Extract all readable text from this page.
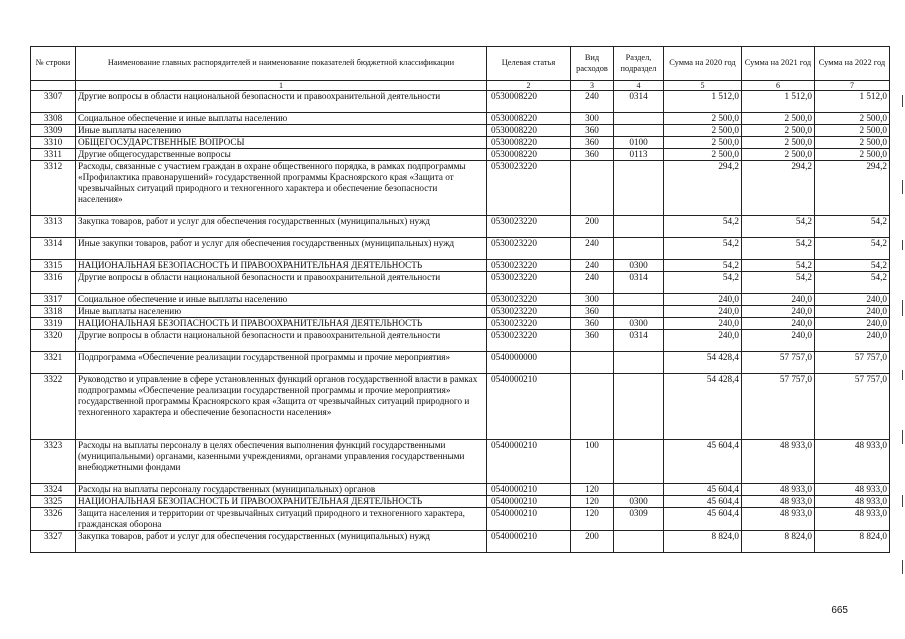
№ строки	Наименование главных распорядителей и наименование показателей бюджетной классификации	Целевая статья	Вид расходов	Раздел, подраздел	Сумма на 2020 год	Сумма на 2021 год	Сумма на 2022 год
	1	2	3	4	5	6	7
3307	Другие вопросы в области национальной безопасности и правоохранительной деятельности	0530008220	240	0314	1 512,0	1 512,0	1 512,0
3308	Социальное обеспечение и иные выплаты населению	0530008220	300		2 500,0	2 500,0	2 500,0
3309	Иные выплаты населению	0530008220	360		2 500,0	2 500,0	2 500,0
3310	ОБЩЕГОСУДАРСТВЕННЫЕ ВОПРОСЫ	0530008220	360	0100	2 500,0	2 500,0	2 500,0
3311	Другие общегосударственные вопросы	0530008220	360	0113	2 500,0	2 500,0	2 500,0
3312	Расходы, связанные с участием граждан в охране общественного порядка, в рамках подпрограммы «Профилактика правонарушений» государственной программы Красноярского края «Защита от чрезвычайных ситуаций природного и техногенного характера и обеспечение безопасности населения»	0530023220			294,2	294,2	294,2
3313	Закупка товаров, работ и услуг для обеспечения государственных (муниципальных) нужд	0530023220	200		54,2	54,2	54,2
3314	Иные закупки товаров, работ и услуг для обеспечения государственных (муниципальных) нужд	0530023220	240		54,2	54,2	54,2
3315	НАЦИОНАЛЬНАЯ БЕЗОПАСНОСТЬ И ПРАВООХРАНИТЕЛЬНАЯ ДЕЯТЕЛЬНОСТЬ	0530023220	240	0300	54,2	54,2	54,2
3316	Другие вопросы в области национальной безопасности и правоохранительной деятельности	0530023220	240	0314	54,2	54,2	54,2
3317	Социальное обеспечение и иные выплаты населению	0530023220	300		240,0	240,0	240,0
3318	Иные выплаты населению	0530023220	360		240,0	240,0	240,0
3319	НАЦИОНАЛЬНАЯ БЕЗОПАСНОСТЬ И ПРАВООХРАНИТЕЛЬНАЯ ДЕЯТЕЛЬНОСТЬ	0530023220	360	0300	240,0	240,0	240,0
3320	Другие вопросы в области национальной безопасности и правоохранительной деятельности	0530023220	360	0314	240,0	240,0	240,0
3321	Подпрограмма «Обеспечение реализации государственной программы и прочие мероприятия»	0540000000			54 428,4	57 757,0	57 757,0
3322	Руководство и управление в сфере установленных функций органов государственной власти в рамках подпрограммы «Обеспечение реализации государственной программы и прочие мероприятия» государственной программы Красноярского края «Защита от чрезвычайных ситуаций природного и техногенного характера и обеспечение безопасности населения»	0540000210			54 428,4	57 757,0	57 757,0
3323	Расходы на выплаты персоналу в целях обеспечения выполнения функций государственными (муниципальными) органами, казенными учреждениями, органами управления государственными внебюджетными фондами	0540000210	100		45 604,4	48 933,0	48 933,0
3324	Расходы на выплаты персоналу государственных (муниципальных) органов	0540000210	120		45 604,4	48 933,0	48 933,0
3325	НАЦИОНАЛЬНАЯ БЕЗОПАСНОСТЬ И ПРАВООХРАНИТЕЛЬНАЯ ДЕЯТЕЛЬНОСТЬ	0540000210	120	0300	45 604,4	48 933,0	48 933,0
3326	Защита населения и территории от чрезвычайных ситуаций природного и техногенного характера, гражданская оборона	0540000210	120	0309	45 604,4	48 933,0	48 933,0
3327	Закупка товаров, работ и услуг для обеспечения государственных (муниципальных) нужд	0540000210	200		8 824,0	8 824,0	8 824,0
665
